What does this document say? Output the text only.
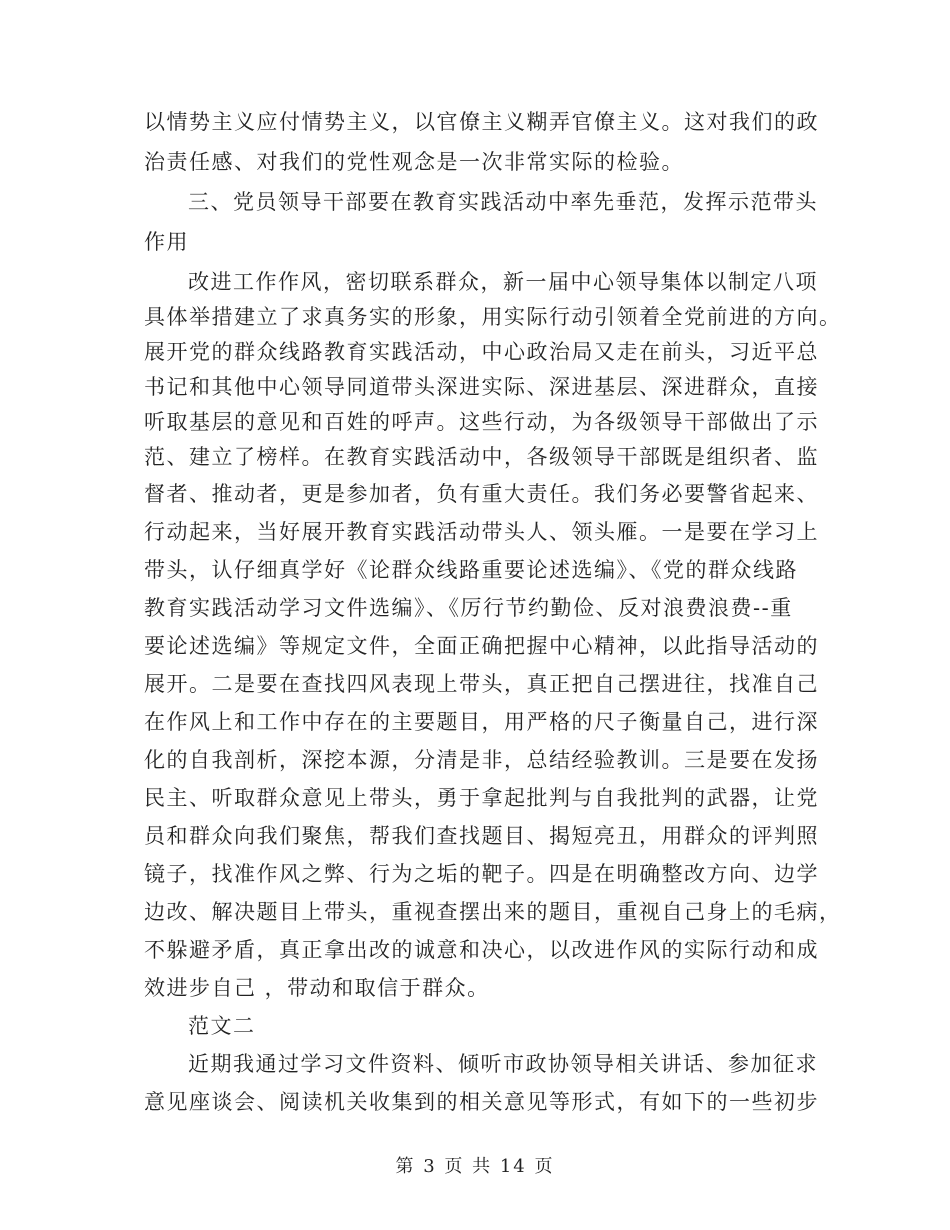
以情势主义应付情势主义，以官僚主义糊弄官僚主义。这对我们的政
治责任感、对我们的党性观念是一次非常实际的检验。
三、党员领导干部要在教育实践活动中率先垂范，发挥示范带头
作用
改进工作作风，密切联系群众，新一届中心领导集体以制定八项
具体举措建立了求真务实的形象，用实际行动引领着全党前进的方向。
展开党的群众线路教育实践活动，中心政治局又走在前头，习近平总
书记和其他中心领导同道带头深进实际、深进基层、深进群众，直接
听取基层的意见和百姓的呼声。这些行动，为各级领导干部做出了示
范、建立了榜样。在教育实践活动中，各级领导干部既是组织者、监
督者、推动者，更是参加者，负有重大责任。我们务必要警省起来、
行动起来，当好展开教育实践活动带头人、领头雁。一是要在学习上
带头，认仔细真学好《论群众线路重要论述选编》、《党的群众线路
教育实践活动学习文件选编》、《厉行节约勤俭、反对浪费浪费--重
要论述选编》等规定文件，全面正确把握中心精神，以此指导活动的
展开。二是要在查找四风表现上带头，真正把自己摆进往，找准自己
在作风上和工作中存在的主要题目，用严格的尺子衡量自己，进行深
化的自我剖析，深挖本源，分清是非，总结经验教训。三是要在发扬
民主、听取群众意见上带头，勇于拿起批判与自我批判的武器，让党
员和群众向我们聚焦，帮我们查找题目、揭短亮丑，用群众的评判照
镜子，找准作风之弊、行为之垢的靶子。四是在明确整改方向、边学
边改、解决题目上带头，重视查摆出来的题目，重视自己身上的毛病，
不躲避矛盾，真正拿出改的诚意和决心，以改进作风的实际行动和成
效进步自己 ，带动和取信于群众。
范文二
近期我通过学习文件资料、倾听市政协领导相关讲话、参加征求
意见座谈会、阅读机关收集到的相关意见等形式，有如下的一些初步
第 3 页 共 14 页
